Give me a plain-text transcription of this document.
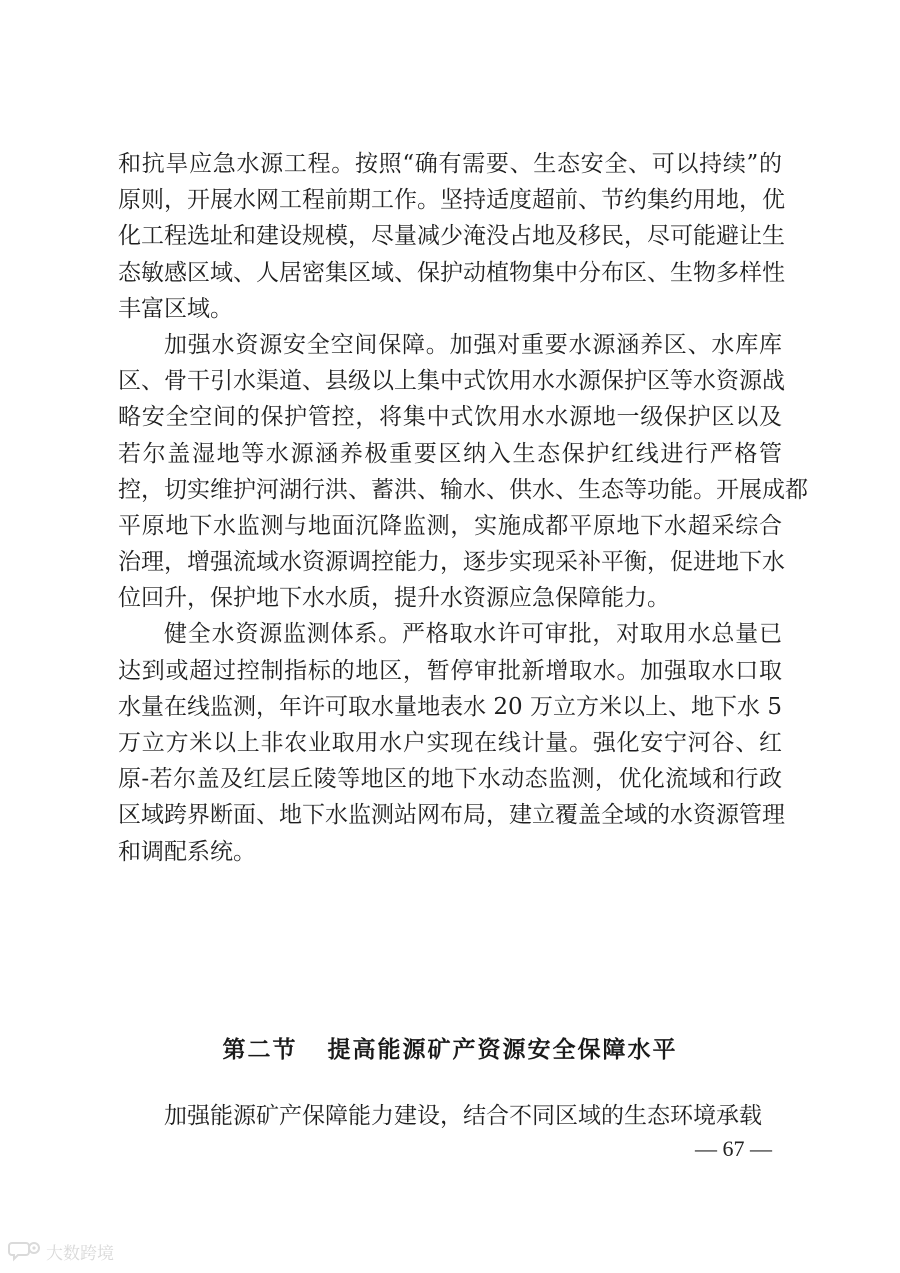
和抗旱应急水源工程。按照“确有需要、生态安全、可以持续”的
原则，开展水网工程前期工作。坚持适度超前、节约集约用地，优
化工程选址和建设规模，尽量减少淹没占地及移民，尽可能避让生
态敏感区域、人居密集区域、保护动植物集中分布区、生物多样性
丰富区域。

加强水资源安全空间保障。加强对重要水源涵养区、水库库
区、骨干引水渠道、县级以上集中式饮用水水源保护区等水资源战
略安全空间的保护管控，将集中式饮用水水源地一级保护区以及
若尔盖湿地等水源涵养极重要区纳入生态保护红线进行严格管
控，切实维护河湖行洪、蓄洪、输水、供水、生态等功能。开展成都
平原地下水监测与地面沉降监测，实施成都平原地下水超采综合
治理，增强流域水资源调控能力，逐步实现采补平衡，促进地下水
位回升，保护地下水水质，提升水资源应急保障能力。

健全水资源监测体系。严格取水许可审批，对取用水总量已
达到或超过控制指标的地区，暂停审批新增取水。加强取水口取
水量在线监测，年许可取水量地表水 20 万立方米以上、地下水 5
万立方米以上非农业取用水户实现在线计量。强化安宁河谷、红
原-若尔盖及红层丘陵等地区的地下水动态监测，优化流域和行政
区域跨界断面、地下水监测站网布局，建立覆盖全域的水资源管理
和调配系统。

第二节 提高能源矿产资源安全保障水平

加强能源矿产保障能力建设，结合不同区域的生态环境承载

— 67 —
大数跨境
